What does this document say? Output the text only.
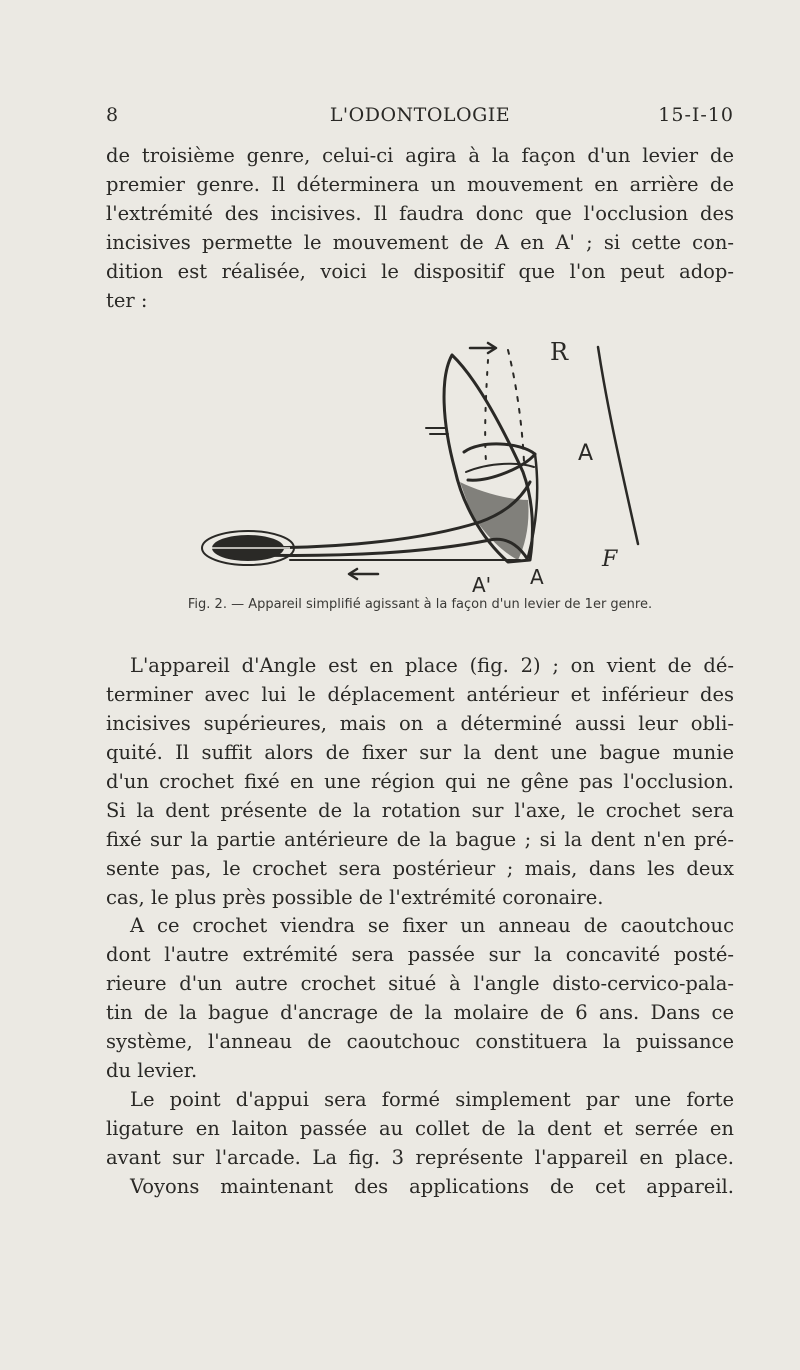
8	L'ODONTOLOGIE	15-I-10
de troisième genre, celui-ci agira à la façon d'un levier de
premier genre. Il déterminera un mouvement en arrière de
l'extrémité des incisives. Il faudra donc que l'occlusion des
incisives permette le mouvement de A en A' ; si cette con-
dition est réalisée, voici le dispositif que l'on peut adop-
ter :
R
A
F
A' A
Fig. 2. — Appareil simplifié agissant à la façon d'un levier de 1er genre.
L'appareil d'Angle est en place (fig. 2) ; on vient de dé-
terminer avec lui le déplacement antérieur et inférieur des
incisives supérieures, mais on a déterminé aussi leur obli-
quité. Il suffit alors de fixer sur la dent une bague munie
d'un crochet fixé en une région qui ne gêne pas l'occlusion.
Si la dent présente de la rotation sur l'axe, le crochet sera
fixé sur la partie antérieure de la bague ; si la dent n'en pré-
sente pas, le crochet sera postérieur ; mais, dans les deux
cas, le plus près possible de l'extrémité coronaire.
A ce crochet viendra se fixer un anneau de caoutchouc
dont l'autre extrémité sera passée sur la concavité posté-
rieure d'un autre crochet situé à l'angle disto-cervico-pala-
tin de la bague d'ancrage de la molaire de 6 ans. Dans ce
système, l'anneau de caoutchouc constituera la puissance
du levier.
Le point d'appui sera formé simplement par une forte
ligature en laiton passée au collet de la dent et serrée en
avant sur l'arcade. La fig. 3 représente l'appareil en place.
Voyons maintenant des applications de cet appareil.
